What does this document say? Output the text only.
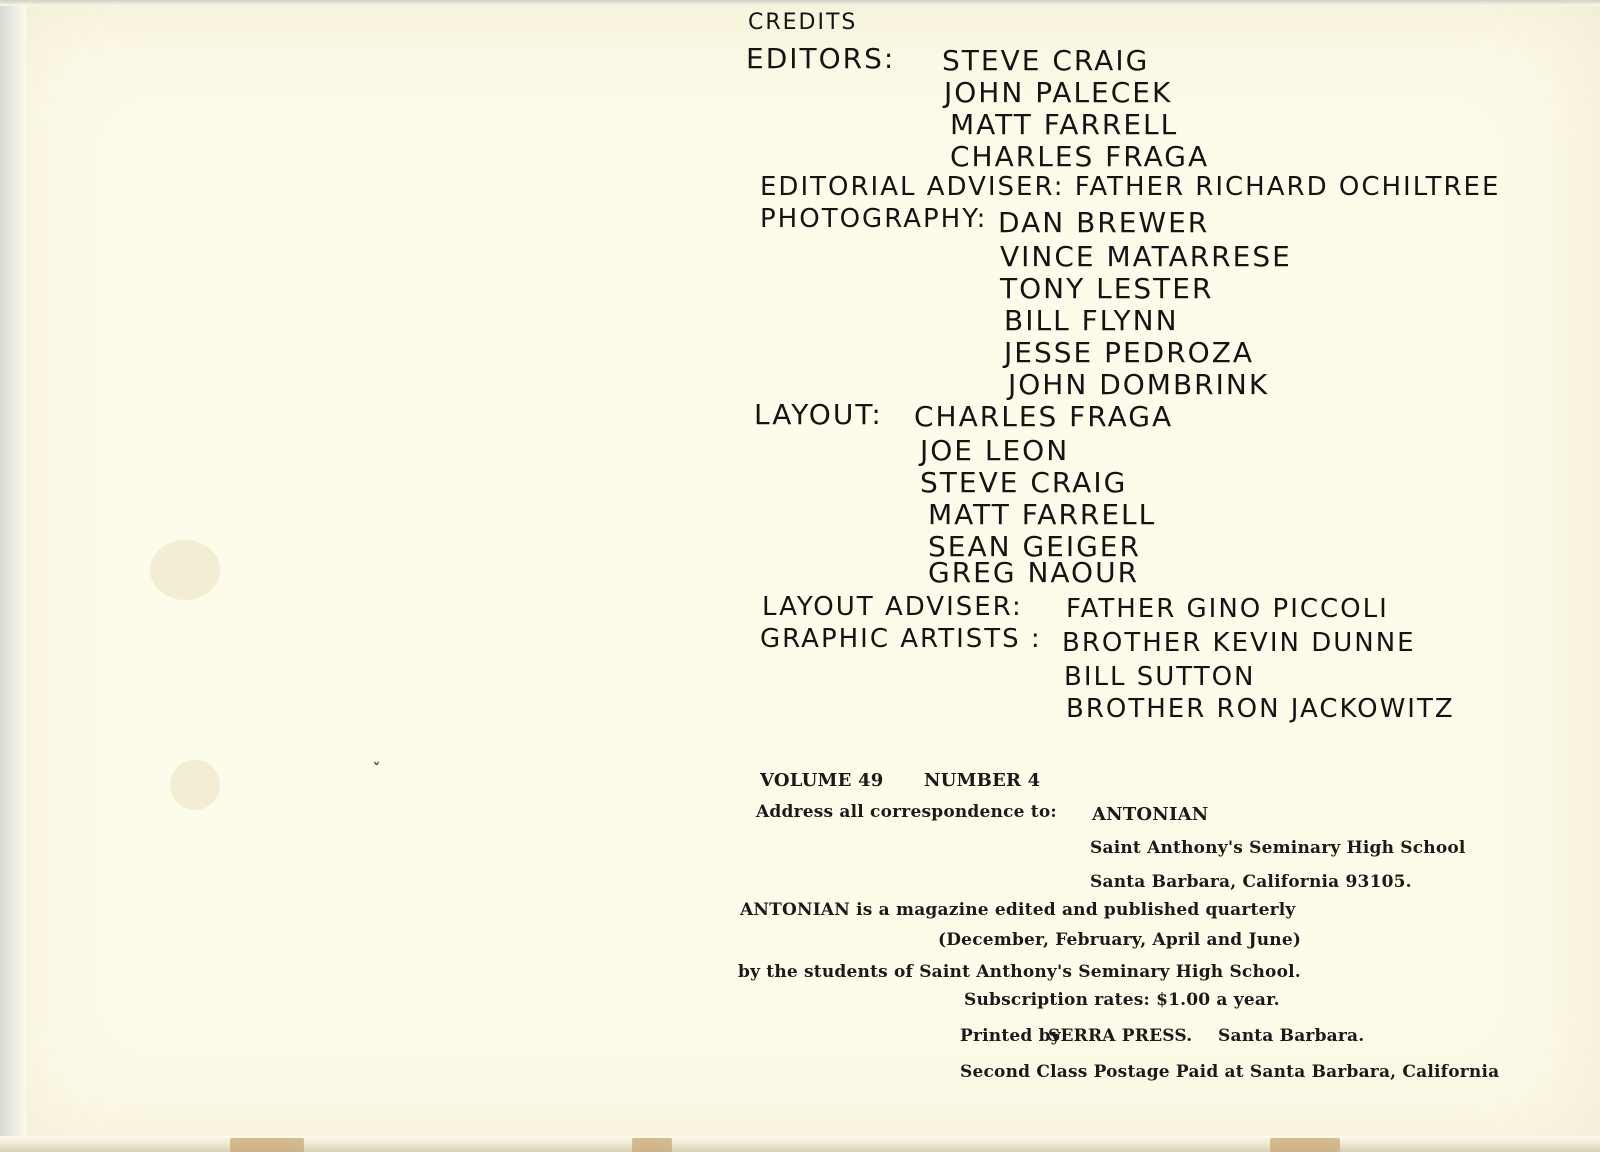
ˇ

CREDITS

EDITORS: STEVE CRAIG

JOHN PALECEK

MATT FARRELL

CHARLES FRAGA

EDITORIAL ADVISER: FATHER RICHARD OCHILTREE

PHOTOGRAPHY: DAN BREWER

VINCE MATARRESE

TONY LESTER

BILL FLYNN

JESSE PEDROZA

JOHN DOMBRINK

LAYOUT: CHARLES FRAGA

JOE LEON

STEVE CRAIG

MATT FARRELL

SEAN GEIGER

GREG NAOUR

LAYOUT ADVISER: FATHER GINO PICCOLI

GRAPHIC ARTISTS : BROTHER KEVIN DUNNE

BILL SUTTON

BROTHER RON JACKOWITZ

VOLUME 49 NUMBER 4

Address all correspondence to: ANTONIAN

Saint Anthony's Seminary High School

Santa Barbara, California 93105.

ANTONIAN is a magazine edited and published quarterly

(December, February, April and June)

by the students of Saint Anthony's Seminary High School.

Subscription rates: $1.00 a year.

Printed by

SERRA PRESS. Santa Barbara.

Second Class Postage Paid at Santa Barbara, California
